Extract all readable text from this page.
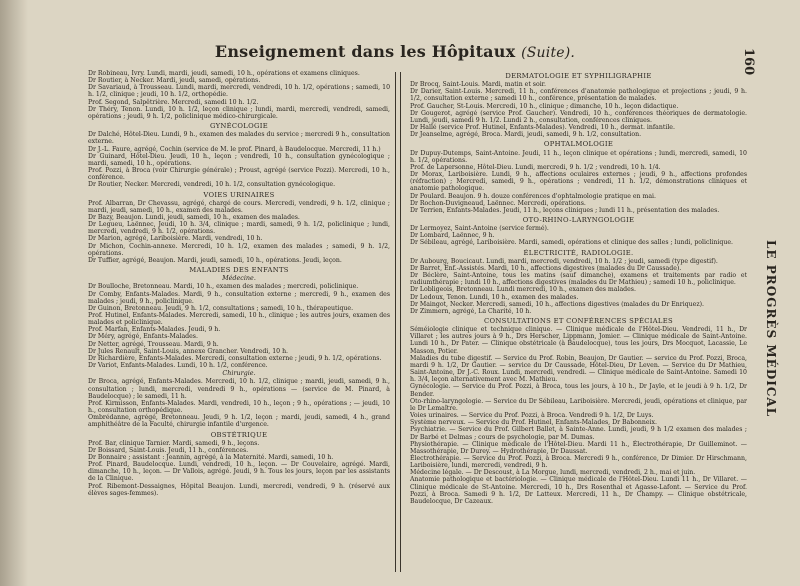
Enseignement dans les Hôpitaux (Suite).	160
LE PROGRÈS MÉDICAL

Dr Robineau, Ivry. Lundi, mardi, jeudi, samedi, 10 h., opérations et examens cliniques.

Dr Routier, à Necker. Mardi, jeudi, samedi, opérations.

Dr Savariaud, à Trousseau. Lundi, mardi, mercredi, vendredi, 10 h. 1/2, opérations ; samedi, 10 h. 1/2, clinique ; jeudi, 10 h. 1/2, orthopédie.

Prof. Segond, Salpêtrière. Mercredi, samedi 10 h. 1/2.

Dr Théry, Tenon. Lundi, 10 h. 1/2, leçon clinique ; lundi, mardi, mercredi, vendredi, samedi, opérations ; jeudi, 9 h. 1/2, policlinique médico-chirurgicale.

GYNÉCOLOGIE

Dr Dalché, Hôtel-Dieu. Lundi, 9 h., examen des malades du service ; mercredi 9 h., consultation externe.

Dr J.-L. Faure, agrégé, Cochin (service de M. le prof. Pinard, à Baudelocque. Mercredi, 11 h.)

Dr Guinard, Hôtel-Dieu. Jeudi, 10 h., leçon ; vendredi, 10 h., consultation gynécologique ; mardi, samedi, 10 h., opérations.

Prof. Pozzi, à Broca (voir Chirurgie générale) ; Proust, agrégé (service Pozzi). Mercredi, 10 h., conférence.

Dr Routier, Necker. Mercredi, vendredi, 10 h. 1/2, consultation gynécologique.

VOIES URINAIRES

Prof. Albarran, Dr Chevassu, agrégé, chargé de cours. Mercredi, vendredi, 9 h. 1/2, clinique ; mardi, jeudi, samedi, 10 h., examen des malades.

Dr Bazy, Beaujon. Lundi, jeudi, samedi, 10 h., examen des malades.

Dr Legueu, Laënnec, Jeudi, 10 h. 3/4, clinique ; mardi, samedi, 9 h. 1/2, policlinique ; lundi, mercredi, vendredi, 9 h. 1/2, opérations.

Dr Marion, agrégé, Lariboisière. Mardi, vendredi, 10 h.

Dr Michon, Cochin-annexe. Mercredi, 10 h. 1/2, examen des malades ; samedi, 9 h. 1/2, opérations.

Dr Tuffier, agrégé, Beaujon. Mardi, jeudi, samedi, 10 h., opérations. Jeudi, leçon.

MALADIES DES ENFANTS
Médecine.

Dr Boulloche, Bretonneau. Mardi, 10 h., examen des malades ; mercredi, policlinique.

Dr Comby, Enfants-Malades. Mardi, 9 h., consultation externe ; mercredi, 9 h., examen des malades ; jeudi, 9 h., policlinique.

Dr Guinon, Bretonneau. Jeudi, 9 h. 1/2, consultations ; samedi, 10 h., thérapeutique.

Prof. Hutinel, Enfants-Malades. Mercredi, samedi, 10 h., clinique ; les autres jours, examen des malades et policlinique.

Prof. Marfan, Enfants-Malades. Jeudi, 9 h.

Dr Méry, agrégé, Enfants-Malades.

Dr Netter, agrégé, Trousseau. Mardi, 9 h.

Dr Jules Renault, Saint-Louis, annexe Grancher. Vendredi, 10 h.

Dr Richardière, Enfants-Malades. Mercredi, consultation externe ; jeudi, 9 h. 1/2, opérations.

Dr Variot, Enfants-Malades. Lundi, 10 h. 1/2, conférence.

Chirurgie.

Dr Broca, agrégé, Enfants-Malades. Mercredi, 10 h. 1/2, clinique ; mardi, jeudi, samedi, 9 h., consultation ; lundi, mercredi, vendredi 9 h., opérations — (service de M. Pinard, à Baudelocque) ; le samedi, 11 h.

Prof. Kirmisson, Enfants-Malades. Mardi, vendredi, 10 h., leçon ; 9 h., opérations ; — jeudi, 10 h., consultation orthopédique.

Ombrédanne, agrégé, Bretonneau. Jeudi, 9 h. 1/2, leçon ; mardi, jeudi, samedi, 4 h., grand amphithéâtre de la Faculté, chirurgie infantile d'urgence.

OBSTÉTRIQUE

Prof. Bar, clinique Tarnier. Mardi, samedi, 9 h., leçons.

Dr Boissard, Saint-Louis. Jeudi, 11 h., conférences.

Dr Bonnaire ; assistant : Jeannin, agrégé, à la Maternité. Mardi, samedi, 10 h.

Prof. Pinard, Baudelocque. Lundi, vendredi, 10 h., leçon. — Dr Couvelaire, agrégé. Mardi, dimanche, 10 h., leçon. — Dr Vallois, agrégé. Jeudi, 9 h. Tous les jours, leçon par les assistants de la Clinique.

Prof. Ribemont-Dessaignes, Hôpital Beaujon. Lundi, mercredi, vendredi, 9 h. (réservé aux élèves sages-femmes).

DERMATOLOGIE ET SYPHILIGRAPHIE

Dr Brocq, Saint-Louis. Mardi, matin et soir.

Dr Darier, Saint-Louis. Mercredi, 11 h., conférences d'anatomie pathologique et projections ; jeudi, 9 h. 1/2, consultation externe ; samedi 10 h., conférence, présentation de malades.

Prof. Gaucher, St-Louis. Mercredi, 10 h., clinique ; dimanche, 10 h., leçon didactique.

Dr Gougerot, agrégé (service Prof. Gaucher). Vendredi, 10 h., conférences théoriques de dermatologie. Lundi, jeudi, samedi 9 h. 1/2. Lundi 2 h., consultation, conférences cliniques.

Dr Hallé (service Prof. Hutinel, Enfants-Malades). Vendredi, 10 h., dermat. infantile.

Dr Jeanselme, agrégé, Broca. Mardi, jeudi, samedi, 9 h. 1/2, consultation.

OPHTALMOLOGIE

Dr Dupuy-Dutemps, Saint-Antoine. Jeudi, 11 h., leçon clinique et opérations ; lundi, mercredi, samedi, 10 h. 1/2, opérations.

Prof. de Lapersonne, Hôtel-Dieu. Lundi, mercredi, 9 h. 1/2 ; vendredi, 10 h. 1/4.

Dr Morax, Lariboisière. Lundi, 9 h., affections oculaires externes ; jeudi, 9 h., affections profondes (réfraction) ; Mercredi, samedi, 9 h., opérations ; vendredi, 11 h. 1/2, démonstrations cliniques et anatomie pathologique.

Dr Poulard. Beaujon. 9 h. douze conférences d'ophtalmologie pratique en mai.

Dr Rochon-Duvigneaud, Laënnec. Mercredi, opérations.

Dr Terrien, Enfants-Malades. Jeudi, 11 h., leçons cliniques ; lundi 11 h., présentation des malades.

OTO-RHINO-LARYNGOLOGIE

Dr Lermoyez, Saint-Antoine (service fermé).

Dr Lombard, Laënnec, 9 h.

Dr Sébileau, agrégé, Lariboisière. Mardi, samedi, opérations et clinique des salles ; lundi, policlinique.

ÉLECTRICITÉ, RADIOLOGIE.

Dr Aubourg, Boucicaut. Lundi, mardi, mercredi, vendredi, 10 h. 1/2 ; jeudi, samedi (type digestif).

Dr Barret, Enf.-Assistés. Mardi, 10 h., affections digestives (malades du Dr Caussade).

Dr Béclère, Saint-Antoine, tous les matins (sauf dimanche), examens et traitements par radio et radiumthérapie ; lundi 10 h., affections digestives (malades du Dr Mathieu) ; samedi 10 h., policlinique.

Dr Lobligeois, Bretonneau. Lundi mercredi, 10 h., examen des malades.

Dr Ledoux, Tenon. Lundi, 10 h., examen des malades.

Dr Maingot, Necker. Mercredi, samedi, 10 h., affections digestives (malades du Dr Enriquez).

Dr Zimmern, agrégé, La Charité, 10 h.

CONSULTATIONS ET CONFÉRENCES SPÉCIALES

Séméiologie clinique et technique clinique. — Clinique médicale de l'Hôtel-Dieu. Vendredi, 11 h., Dr Villaret ; les autres jours à 9 h., Drs Herscher, Lippmann, Jomier. — Clinique médicale de Saint-Antoine. Lundi 10 h., Dr Pater. — Clinique obstétricale (à Baudelocque), tous les jours, Drs Mocquot, Lacassie, Le Masson, Potier.

Maladies du tube digestif. — Service du Prof. Robin, Beaujon, Dr Gautier. — service du Prof. Pozzi, Broca, mardi 9 h. 1/2, Dr Gautier. — service du Dr Caussade, Hôtel-Dieu, Dr Leven. — Service du Dr Mathieu, Saint-Antoine, Dr J.-C. Roux. Lundi, mercredi, vendredi. — Clinique médicale de Saint-Antoine. Samedi 10 h. 3/4, leçon alternativement avec M. Mathieu.

Gynécologie. — Service du Prof. Pozzi, à Broca, tous les jours, à 10 h., Dr Jayle, et le jeudi à 9 h. 1/2, Dr Bender.

Oto-rhino-laryngologie. — Service du Dr Sébileau, Lariboisière. Mercredi, jeudi, opérations et clinique, par le Dr Lemaître.

Voies urinaires. — Service du Prof. Pozzi, à Broca. Vendredi 9 h. 1/2, Dr Luys.

Système nerveux. — Service du Prof. Hutinel, Enfants-Malades, Dr Babonneix.

Psychiatrie. — Service du Prof. Gilbert Ballet, à Sainte-Anne. Lundi, jeudi, 9 h 1/2 examen des malades ; Dr Barbé et Delmas ; cours de psychologie, par M. Dumas.

Physiothérapie. — Clinique médicale de l'Hôtel-Dieu. Mardi 11 h., Électrothérapie, Dr Guilleminot. — Massothérapie, Dr Durey. — Hydrothérapie, Dr Daussat.

Électrothérapie. — Service du Prof. Pozzi, à Broca. Mercredi 9 h., conférence, Dr Dimier. Dr Hirschmann, Lariboisière, lundi, mercredi, vendredi, 9 h.

Médecine légale. — Dr Descoust, à La Morgue, lundi, mercredi, vendredi, 2 h., mai et juin.

Anatomie pathologique et bactériologie. — Clinique médicale de l'Hôtel-Dieu. Lundi 11 h., Dr Villaret. — Clinique médicale de St-Antoine. Mercredi, 10 h., Drs Rosenthal et Agasse-Lafont. — Service du Prof. Pozzi, à Broca. Samedi 9 h. 1/2, Dr Latteux. Mercredi, 11 h., Dr Champy. — Clinique obstétricale, Baudelocque, Dr Cazeaux.
